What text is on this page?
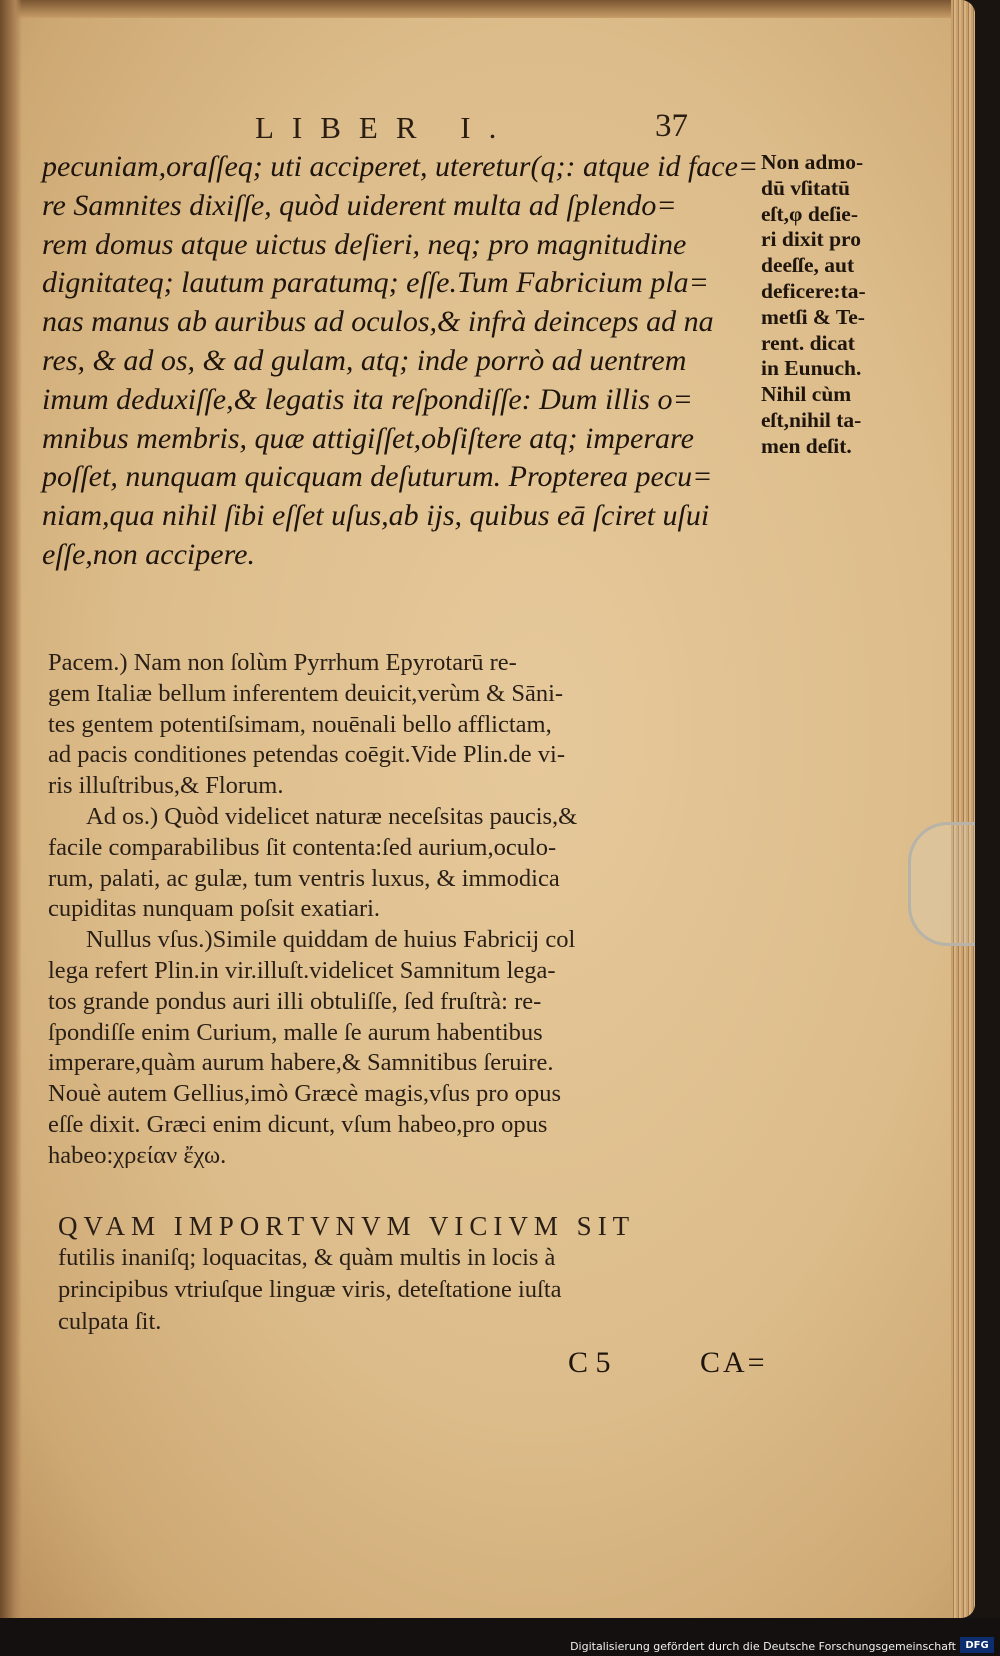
LIBER I.	37
pecuniam,oraſſeq; uti acciperet, uteretur(q;: atque id face=
re Samnites dixiſſe, quòd uiderent multa ad ſplendo=
rem domus atque uictus deſieri, neq; pro magnitudine
dignitateq; lautum paratumq; eſſe.Tum Fabricium pla=
nas manus ab auribus ad oculos,& infrà deinceps ad na
res, & ad os, & ad gulam, atq; inde porrò ad uentrem
imum deduxiſſe,& legatis ita reſpondiſſe: Dum illis o=
mnibus membris, quæ attigiſſet,obſiſtere atq; imperare
poſſet, nunquam quicquam deſuturum. Propterea pecu=
niam,qua nihil ſibi eſſet uſus,ab ijs, quibus eā ſciret uſui
eſſe,non accipere.
Non admo-
dū vſitatū
eſt,φ deſie-
ri dixit pro
deeſſe, aut
deficere:ta-
metſi & Te-
rent. dicat
in Eunuch.
Nihil cùm
eſt,nihil ta-
men deſit.
Pacem.) Nam non ſolùm Pyrrhum Epyrotarū re-
gem Italiæ bellum inferentem deuicit,verùm & Sāni-
tes gentem potentiſsimam, nouēnali bello afflictam,
ad pacis conditiones petendas coēgit.Vide Plin.de vi-
ris illuſtribus,& Florum.
Ad os.) Quòd videlicet naturæ neceſsitas paucis,&
facile comparabilibus ſit contenta:ſed aurium,oculo-
rum, palati, ac gulæ, tum ventris luxus, & immodica
cupiditas nunquam poſsit exatiari.
Nullus vſus.)Simile quiddam de huius Fabricij col
lega refert Plin.in vir.illuſt.videlicet Samnitum lega-
tos grande pondus auri illi obtuliſſe, ſed fruſtrà: re-
ſpondiſſe enim Curium, malle ſe aurum habentibus
imperare,quàm aurum habere,& Samnitibus ſeruire.
Nouè autem Gellius,imò Græcè magis,vſus pro opus
eſſe dixit. Græci enim dicunt, vſum habeo,pro opus
habeo:χρείαν ἔχω.
QVAM IMPORTVNVM VICIVM SIT
futilis inaniſq; loquacitas, & quàm multis in locis à
principibus vtriuſque linguæ viris, deteſtatione iuſta
culpata ſit.
C 5	CA=
Digitalisierung gefördert durch die Deutsche Forschungsgemeinschaft DFG
